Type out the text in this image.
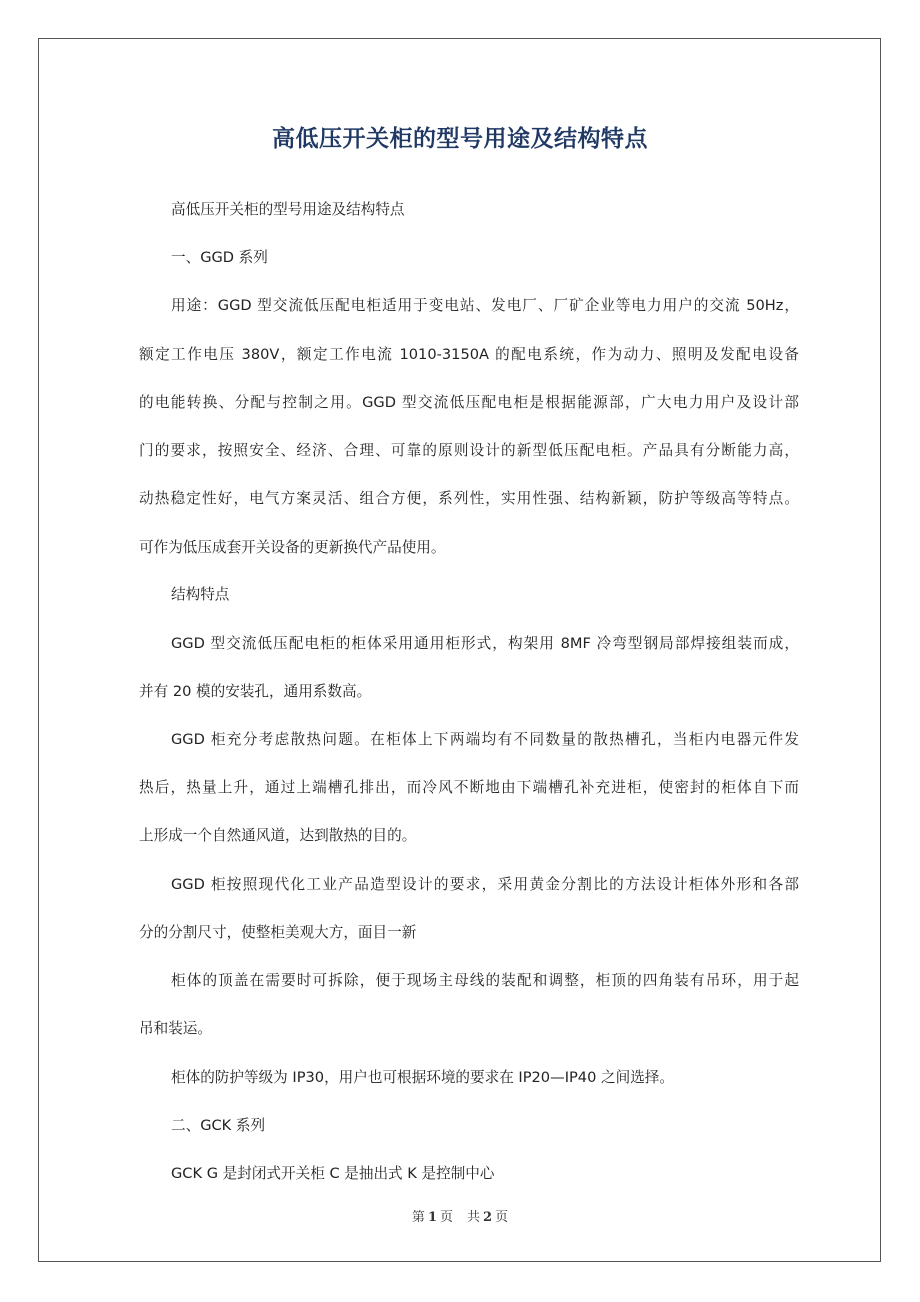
高低压开关柜的型号用途及结构特点

高低压开关柜的型号用途及结构特点

一、GGD 系列

用途：GGD 型交流低压配电柜适用于变电站、发电厂、厂矿企业等电力用户的交流 50Hz，

额定工作电压 380V，额定工作电流 1010-3150A 的配电系统，作为动力、照明及发配电设备

的电能转换、分配与控制之用。GGD 型交流低压配电柜是根据能源部，广大电力用户及设计部

门的要求，按照安全、经济、合理、可靠的原则设计的新型低压配电柜。产品具有分断能力高，

动热稳定性好，电气方案灵活、组合方便，系列性，实用性强、结构新颖，防护等级高等特点。

可作为低压成套开关设备的更新换代产品使用。

结构特点

GGD 型交流低压配电柜的柜体采用通用柜形式，构架用 8MF 冷弯型钢局部焊接组装而成，

并有 20 模的安装孔，通用系数高。

GGD 柜充分考虑散热问题。在柜体上下两端均有不同数量的散热槽孔，当柜内电器元件发

热后，热量上升，通过上端槽孔排出，而冷风不断地由下端槽孔补充进柜，使密封的柜体自下而

上形成一个自然通风道，达到散热的目的。

GGD 柜按照现代化工业产品造型设计的要求，采用黄金分割比的方法设计柜体外形和各部

分的分割尺寸，使整柜美观大方，面目一新

柜体的顶盖在需要时可拆除，便于现场主母线的装配和调整，柜顶的四角装有吊环，用于起

吊和装运。

柜体的防护等级为 IP30，用户也可根据环境的要求在 IP20—IP40 之间选择。

二、GCK 系列

GCK G 是封闭式开关柜 C 是抽出式 K 是控制中心

第 1 页 共 2 页
